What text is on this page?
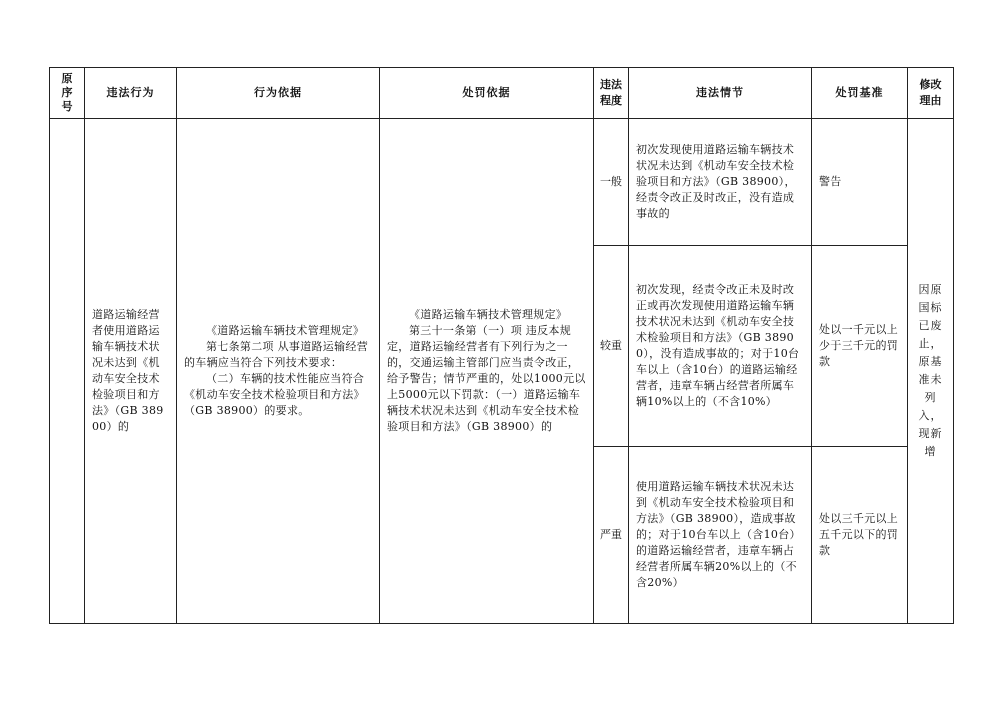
原序号	违法行为	行为依据	处罚依据	违法程度	违法情节	处罚基准	修改理由

	道路运输经营者使用道路运输车辆技术状况未达到《机动车安全技术检验项目和方法》（GB 38900）的	《道路运输车辆技术管理规定》
第七条第二项 从事道路运输经营的车辆应当符合下列技术要求：
（二）车辆的技术性能应当符合《机动车安全技术检验项目和方法》（GB 38900）的要求。	《道路运输车辆技术管理规定》
第三十一条第（一）项 违反本规定，道路运输经营者有下列行为之一的，交通运输主管部门应当责令改正，给予警告；情节严重的，处以1000元以上5000元以下罚款：（一）道路运输车辆技术状况未达到《机动车安全技术检验项目和方法》（GB 38900）的	一般	初次发现使用道路运输车辆技术状况未达到《机动车安全技术检验项目和方法》（GB 38900），经责令改正及时改正，没有造成事故的	警告	因原国标已废止，原基准未列入，现新增

				较重	初次发现，经责令改正未及时改正或再次发现使用道路运输车辆技术状况未达到《机动车安全技术检验项目和方法》（GB 38900），没有造成事故的；对于10台车以上（含10台）的道路运输经营者，违章车辆占经营者所属车辆10%以上的（不含10%）	处以一千元以上少于三千元的罚款	

				严重	使用道路运输车辆技术状况未达到《机动车安全技术检验项目和方法》（GB 38900），造成事故的；对于10台车以上（含10台）的道路运输经营者，违章车辆占经营者所属车辆20%以上的（不含20%）	处以三千元以上五千元以下的罚款	
